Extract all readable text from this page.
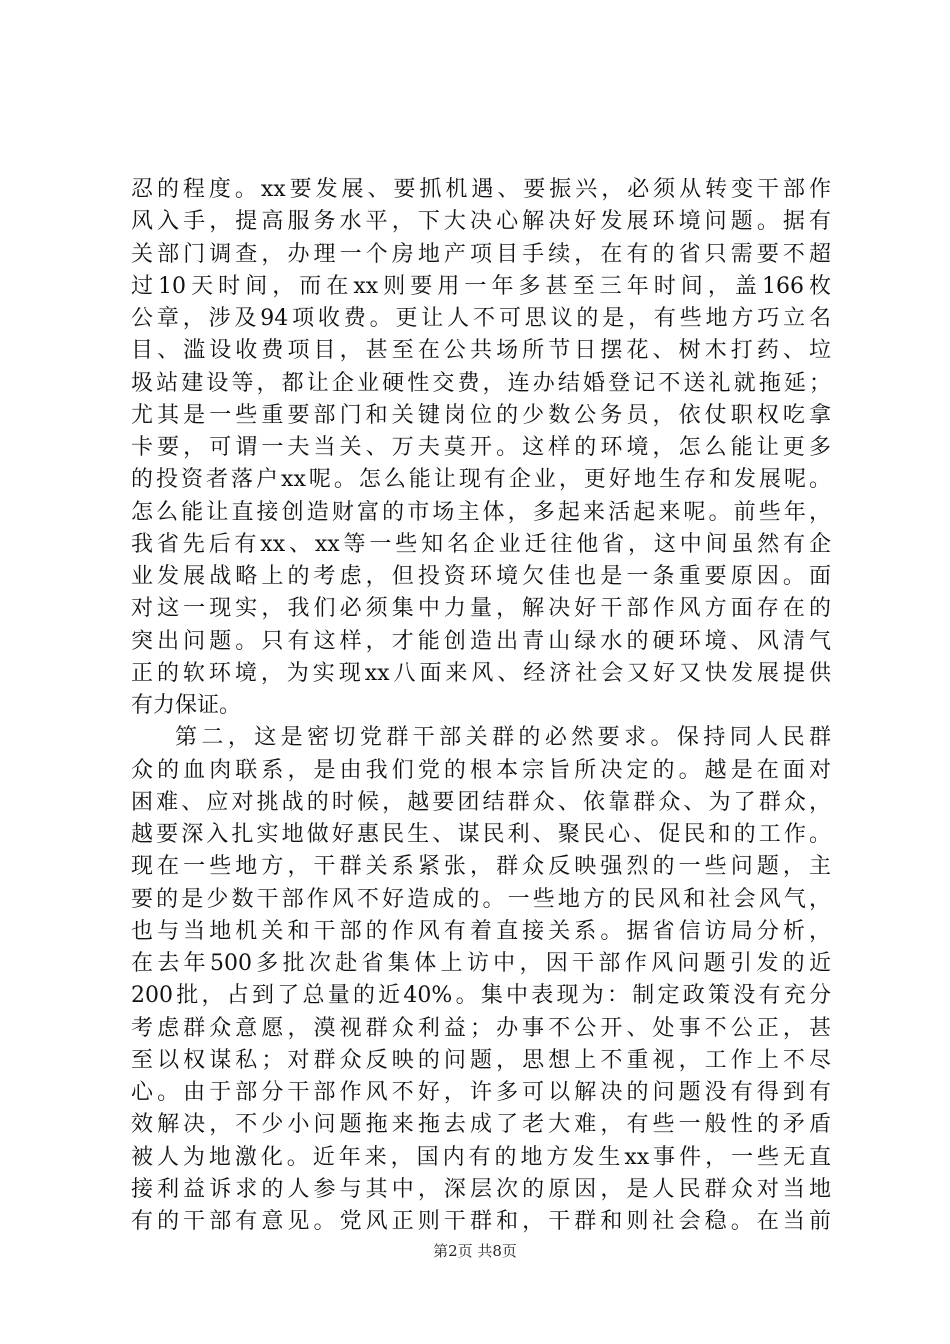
忍的程度。xx要发展、要抓机遇、要振兴，必须从转变干部作
风入手，提高服务水平，下大决心解决好发展环境问题。据有
关部门调查，办理一个房地产项目手续，在有的省只需要不超
过10天时间，而在xx则要用一年多甚至三年时间，盖166枚
公章，涉及94项收费。更让人不可思议的是，有些地方巧立名
目、滥设收费项目，甚至在公共场所节日摆花、树木打药、垃
圾站建设等，都让企业硬性交费，连办结婚登记不送礼就拖延；
尤其是一些重要部门和关键岗位的少数公务员，依仗职权吃拿
卡要，可谓一夫当关、万夫莫开。这样的环境，怎么能让更多
的投资者落户xx呢。怎么能让现有企业，更好地生存和发展呢。
怎么能让直接创造财富的市场主体，多起来活起来呢。前些年，
我省先后有xx、xx等一些知名企业迁往他省，这中间虽然有企
业发展战略上的考虑，但投资环境欠佳也是一条重要原因。面
对这一现实，我们必须集中力量，解决好干部作风方面存在的
突出问题。只有这样，才能创造出青山绿水的硬环境、风清气
正的软环境，为实现xx八面来风、经济社会又好又快发展提供
有力保证。
第二，这是密切党群干部关群的必然要求。保持同人民群
众的血肉联系，是由我们党的根本宗旨所决定的。越是在面对
困难、应对挑战的时候，越要团结群众、依靠群众、为了群众，
越要深入扎实地做好惠民生、谋民利、聚民心、促民和的工作。
现在一些地方，干群关系紧张，群众反映强烈的一些问题，主
要的是少数干部作风不好造成的。一些地方的民风和社会风气，
也与当地机关和干部的作风有着直接关系。据省信访局分析，
在去年500多批次赴省集体上访中，因干部作风问题引发的近
200批，占到了总量的近40%。集中表现为：制定政策没有充分
考虑群众意愿，漠视群众利益；办事不公开、处事不公正，甚
至以权谋私；对群众反映的问题，思想上不重视，工作上不尽
心。由于部分干部作风不好，许多可以解决的问题没有得到有
效解决，不少小问题拖来拖去成了老大难，有些一般性的矛盾
被人为地激化。近年来，国内有的地方发生xx事件，一些无直
接利益诉求的人参与其中，深层次的原因，是人民群众对当地
有的干部有意见。党风正则干群和，干群和则社会稳。在当前
第2页 共8页
